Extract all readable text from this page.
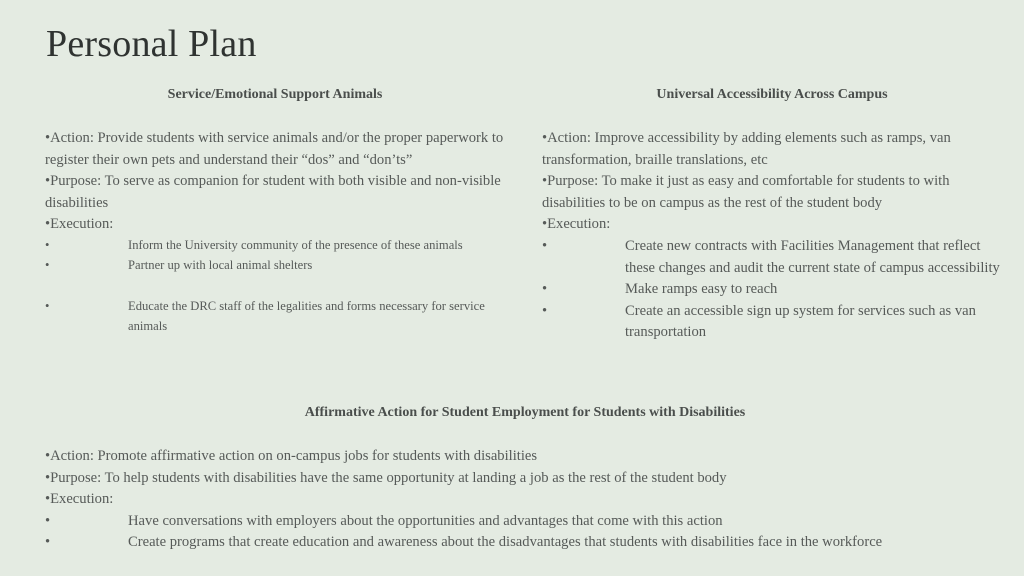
Personal Plan

Service/Emotional Support Animals

•Action: Provide students with service animals and/or the proper paperwork to register their own pets and understand their “dos” and “don’ts”

•Purpose: To serve as companion for student with both visible and non-visible disabilities

•Execution:

•	Inform the University community of the presence of these animals
•	Partner up with local animal shelters
•	Educate the DRC staff of the legalities and forms necessary for service animals

Universal Accessibility Across Campus

•Action: Improve accessibility by adding elements such as ramps, van transformation, braille translations, etc

•Purpose: To make it just as easy and comfortable for students to with disabilities to be on campus as the rest of the student body

•Execution:

•	Create new contracts with Facilities Management that reflect these changes and audit the current state of campus accessibility
•	Make ramps easy to reach
•	Create an accessible sign up system for services such as van transportation

Affirmative Action for Student Employment for Students with Disabilities

•Action: Promote affirmative action on on-campus jobs for students with disabilities

•Purpose: To help students with disabilities have the same opportunity at landing a job as the rest of the student body

•Execution:

•	Have conversations with employers about the opportunities and advantages that come with this action
•	Create programs that create education and awareness about the disadvantages that students with disabilities face in the workforce
